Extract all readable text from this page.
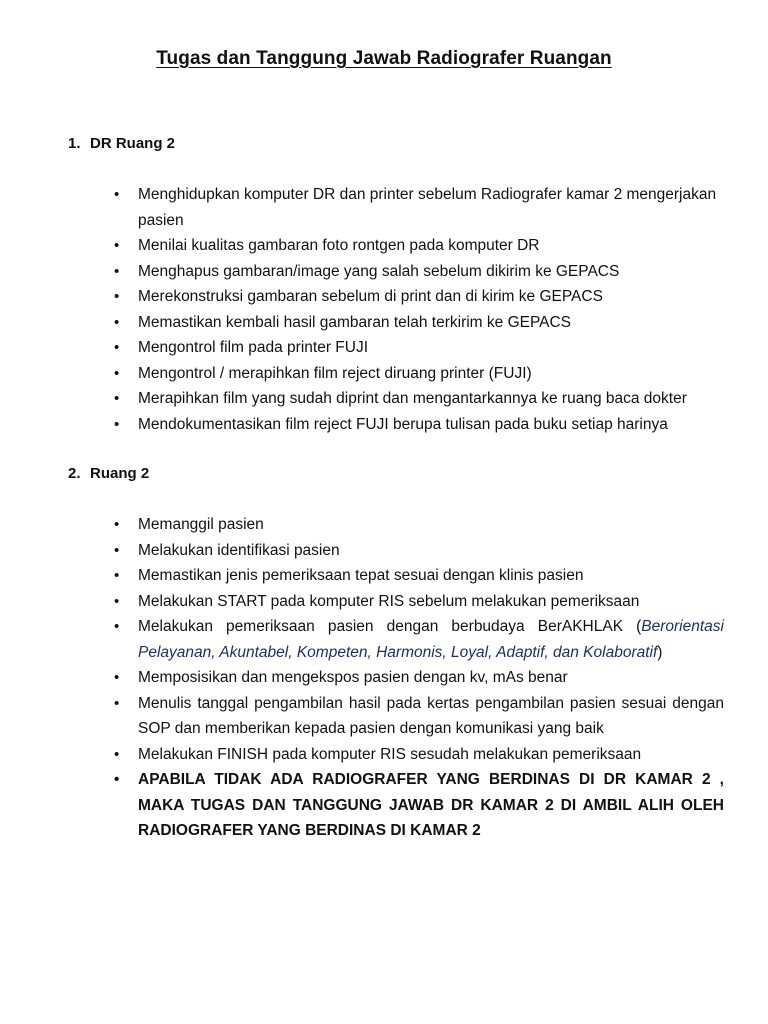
Tugas dan Tanggung Jawab Radiografer Ruangan
1. DR Ruang 2
•	Menghidupkan komputer DR dan printer sebelum Radiografer kamar 2 mengerjakan pasien
•	Menilai kualitas gambaran foto rontgen pada komputer DR
•	Menghapus gambaran/image yang salah sebelum dikirim ke GEPACS
•	Merekonstruksi gambaran sebelum di print dan di kirim ke GEPACS
•	Memastikan kembali hasil gambaran telah terkirim ke GEPACS
•	Mengontrol film pada printer FUJI
•	Mengontrol / merapihkan film reject diruang printer (FUJI)
•	Merapihkan film yang sudah diprint dan mengantarkannya ke ruang baca dokter
•	Mendokumentasikan film reject FUJI berupa tulisan pada buku setiap harinya
2. Ruang 2
•	Memanggil pasien
•	Melakukan identifikasi pasien
•	Memastikan jenis pemeriksaan tepat sesuai dengan klinis pasien
•	Melakukan START pada komputer RIS sebelum melakukan pemeriksaan
•	Melakukan pemeriksaan pasien dengan berbudaya BerAKHLAK (Berorientasi Pelayanan, Akuntabel, Kompeten, Harmonis, Loyal, Adaptif, dan Kolaboratif)
•	Memposisikan dan mengekspos pasien dengan kv, mAs benar
•	Menulis tanggal pengambilan hasil pada kertas pengambilan pasien sesuai dengan SOP dan memberikan kepada pasien dengan komunikasi yang baik
•	Melakukan FINISH pada komputer RIS sesudah melakukan pemeriksaan
•	APABILA TIDAK ADA RADIOGRAFER YANG BERDINAS DI DR KAMAR 2 , MAKA TUGAS DAN TANGGUNG JAWAB DR KAMAR 2 DI AMBIL ALIH OLEH RADIOGRAFER YANG BERDINAS DI KAMAR 2
